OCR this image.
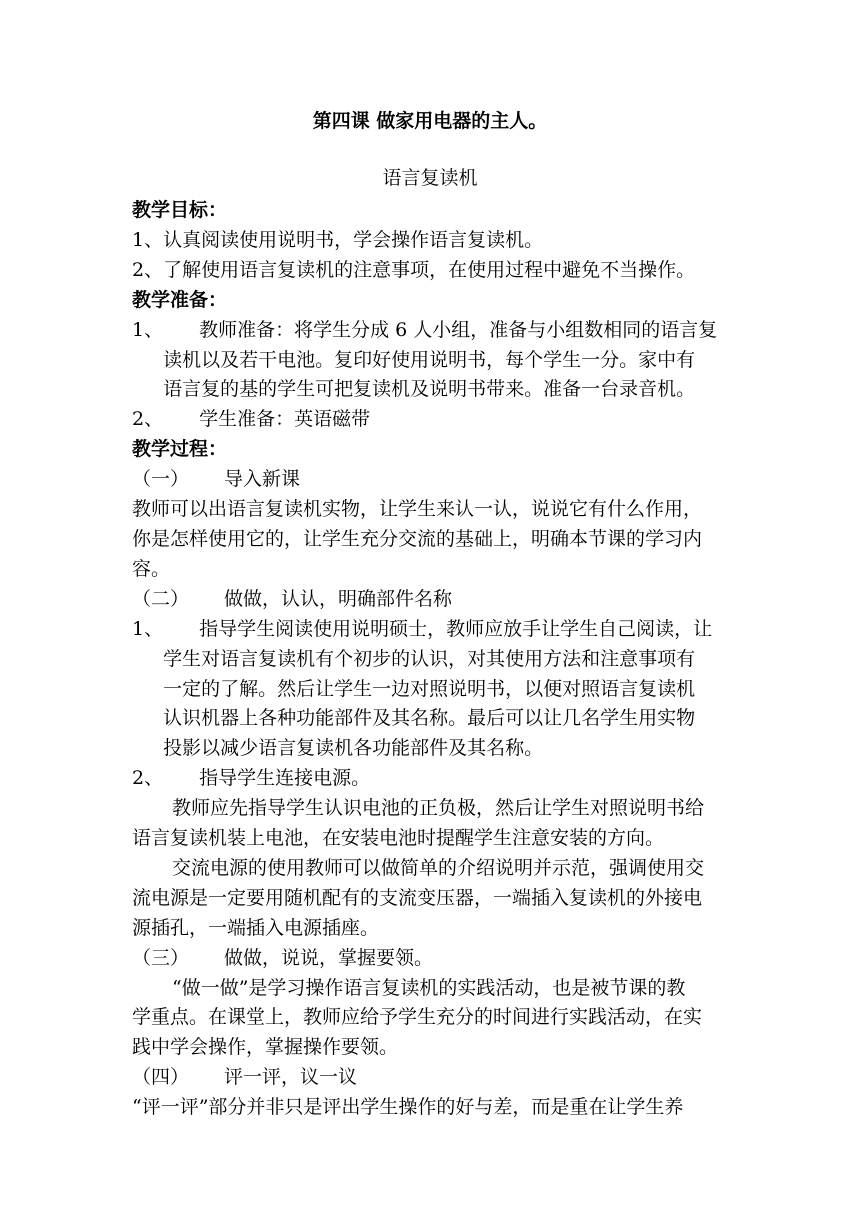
第四课 做家用电器的主人。
语言复读机
教学目标：
1、认真阅读使用说明书，学会操作语言复读机。
2、了解使用语言复读机的注意事项，在使用过程中避免不当操作。
教学准备：
1、	教师准备：将学生分成 6 人小组，准备与小组数相同的语言复
读机以及若干电池。复印好使用说明书，每个学生一分。家中有
语言复的基的学生可把复读机及说明书带来。准备一台录音机。
2、	学生准备：英语磁带
教学过程：
（一）	导入新课
教师可以出语言复读机实物，让学生来认一认，说说它有什么作用，
你是怎样使用它的，让学生充分交流的基础上，明确本节课的学习内
容。
（二）	做做，认认，明确部件名称
1、	指导学生阅读使用说明硕士，教师应放手让学生自己阅读，让
学生对语言复读机有个初步的认识，对其使用方法和注意事项有
一定的了解。然后让学生一边对照说明书，以便对照语言复读机
认识机器上各种功能部件及其名称。最后可以让几名学生用实物
投影以减少语言复读机各功能部件及其名称。
2、	指导学生连接电源。
教师应先指导学生认识电池的正负极，然后让学生对照说明书给
语言复读机装上电池，在安装电池时提醒学生注意安装的方向。
交流电源的使用教师可以做简单的介绍说明并示范，强调使用交
流电源是一定要用随机配有的支流变压器，一端插入复读机的外接电
源插孔，一端插入电源插座。
（三）	做做，说说，掌握要领。
“做一做”是学习操作语言复读机的实践活动，也是被节课的教
学重点。在课堂上，教师应给予学生充分的时间进行实践活动，在实
践中学会操作，掌握操作要领。
（四）	评一评，议一议
“评一评”部分并非只是评出学生操作的好与差，而是重在让学生养
